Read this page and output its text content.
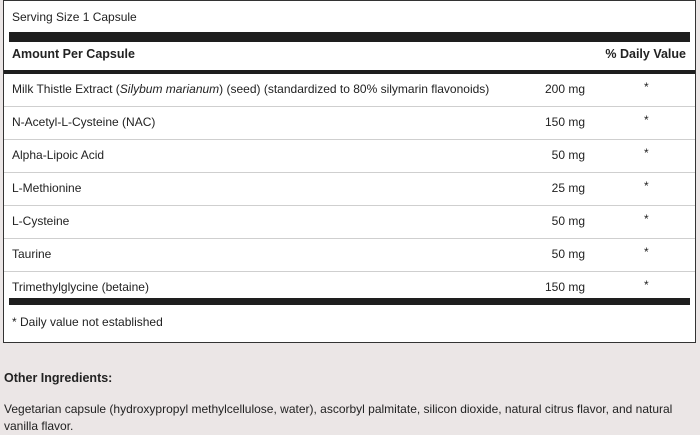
Serving Size 1 Capsule
Amount Per Capsule	% Daily Value
Milk Thistle Extract (Silybum marianum) (seed) (standardized to 80% silymarin flavonoids)	200 mg	*
N-Acetyl-L-Cysteine (NAC)	150 mg	*
Alpha-Lipoic Acid	50 mg	*
L-Methionine	25 mg	*
L-Cysteine	50 mg	*
Taurine	50 mg	*
Trimethylglycine (betaine)	150 mg	*
* Daily value not established
Other Ingredients:
Vegetarian capsule (hydroxypropyl methylcellulose, water), ascorbyl palmitate, silicon dioxide, natural citrus flavor, and natural vanilla flavor.
